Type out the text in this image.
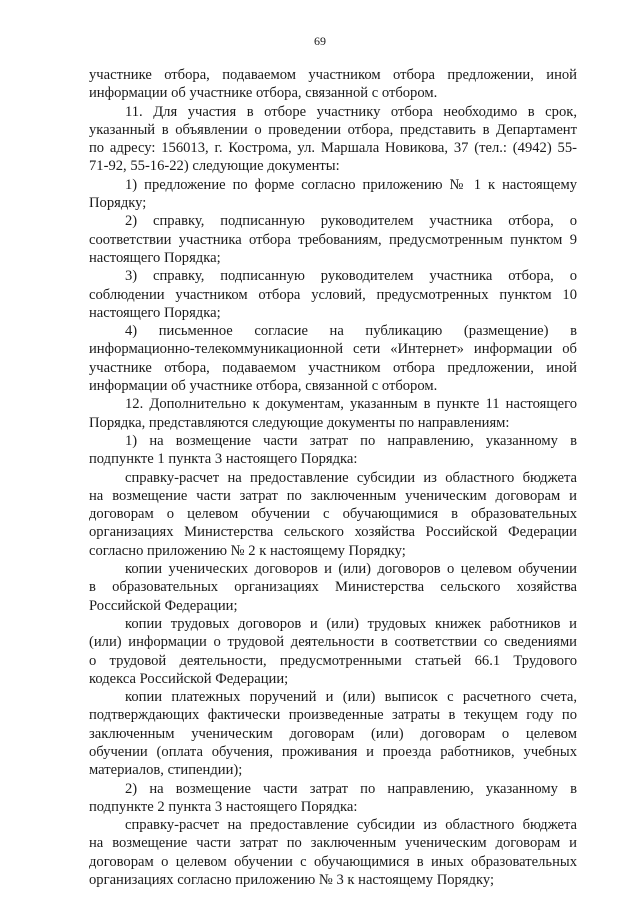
69
участнике отбора, подаваемом участником отбора предложении, иной
информации об участнике отбора, связанной с отбором.
11. Для участия в отборе участнику отбора необходимо в срок,
указанный в объявлении о проведении отбора, представить в Департамент
по адресу: 156013, г. Кострома, ул. Маршала Новикова, 37 (тел.: (4942) 55-
71-92, 55-16-22) следующие документы:
1) предложение по форме согласно приложению № 1 к настоящему
Порядку;
2) справку, подписанную руководителем участника отбора, о
соответствии участника отбора требованиям, предусмотренным пунктом 9
настоящего Порядка;
3) справку, подписанную руководителем участника отбора, о
соблюдении участником отбора условий, предусмотренных пунктом 10
настоящего Порядка;
4) письменное согласие на публикацию (размещение) в
информационно-телекоммуникационной сети «Интернет» информации об
участнике отбора, подаваемом участником отбора предложении, иной
информации об участнике отбора, связанной с отбором.
12. Дополнительно к документам, указанным в пункте 11 настоящего
Порядка, представляются следующие документы по направлениям:
1) на возмещение части затрат по направлению, указанному в
подпункте 1 пункта 3 настоящего Порядка:
справку-расчет на предоставление субсидии из областного бюджета
на возмещение части затрат по заключенным ученическим договорам и
договорам о целевом обучении с обучающимися в образовательных
организациях Министерства сельского хозяйства Российской Федерации
согласно приложению № 2 к настоящему Порядку;
копии ученических договоров и (или) договоров о целевом обучении
в образовательных организациях Министерства сельского хозяйства
Российской Федерации;
копии трудовых договоров и (или) трудовых книжек работников и
(или) информации о трудовой деятельности в соответствии со сведениями
о трудовой деятельности, предусмотренными статьей 66.1 Трудового
кодекса Российской Федерации;
копии платежных поручений и (или) выписок с расчетного счета,
подтверждающих фактически произведенные затраты в текущем году по
заключенным ученическим договорам (или) договорам о целевом
обучении (оплата обучения, проживания и проезда работников, учебных
материалов, стипендии);
2) на возмещение части затрат по направлению, указанному в
подпункте 2 пункта 3 настоящего Порядка:
справку-расчет на предоставление субсидии из областного бюджета
на возмещение части затрат по заключенным ученическим договорам и
договорам о целевом обучении с обучающимися в иных образовательных
организациях согласно приложению № 3 к настоящему Порядку;
